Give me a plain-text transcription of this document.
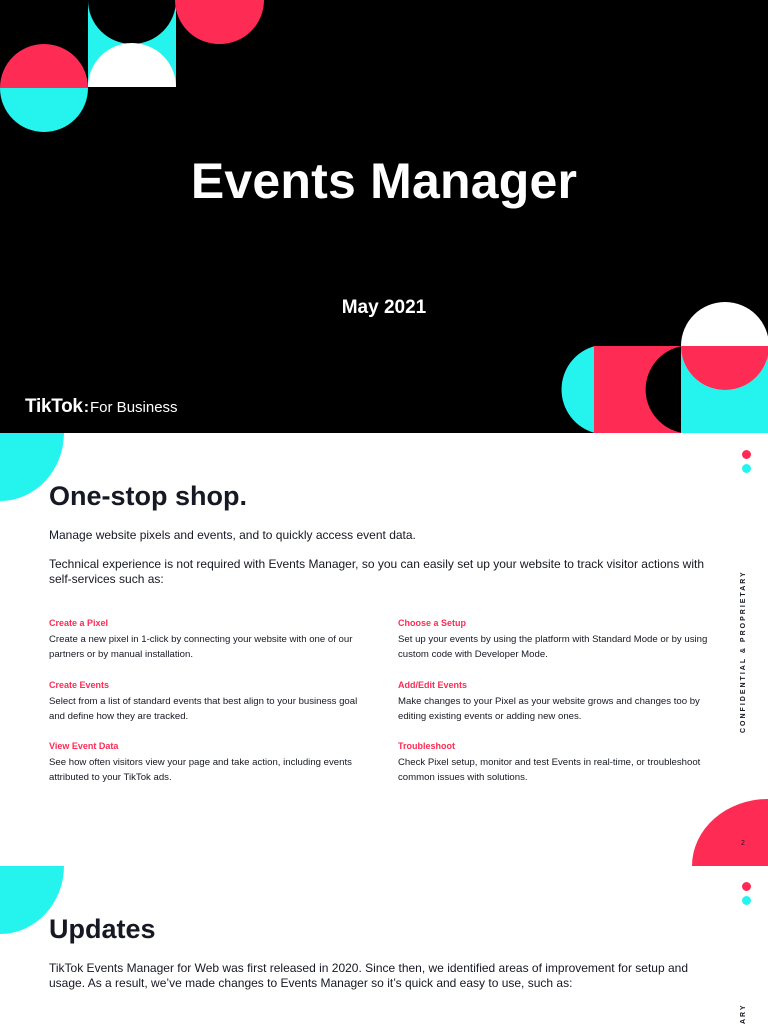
Events Manager
May 2021
TikTok:For Business
One-stop shop.

Manage website pixels and events, and to quickly access event data.

Technical experience is not required with Events Manager, so you can easily set up your website to track visitor actions with self-services such as:

Create a Pixel
Create a new pixel in 1-click by connecting your website with one of our partners or by manual installation.
Choose a Setup
Set up your events by using the platform with Standard Mode or by using custom code with Developer Mode.
Create Events
Select from a list of standard events that best align to your business goal and define how they are tracked.
Add/Edit Events
Make changes to your Pixel as your website grows and changes too by editing existing events or adding new ones.
View Event Data
See how often visitors view your page and take action, including events attributed to your TikTok ads.
Troubleshoot
Check Pixel setup, monitor and test Events in real-time, or troubleshoot common issues with solutions.
CONFIDENTIAL & PROPRIETARY
2
Updates

TikTok Events Manager for Web was first released in 2020. Since then, we identified areas of improvement for setup and usage. As a result, we’ve made changes to Events Manager so it’s quick and easy to use, such as:

ARY
